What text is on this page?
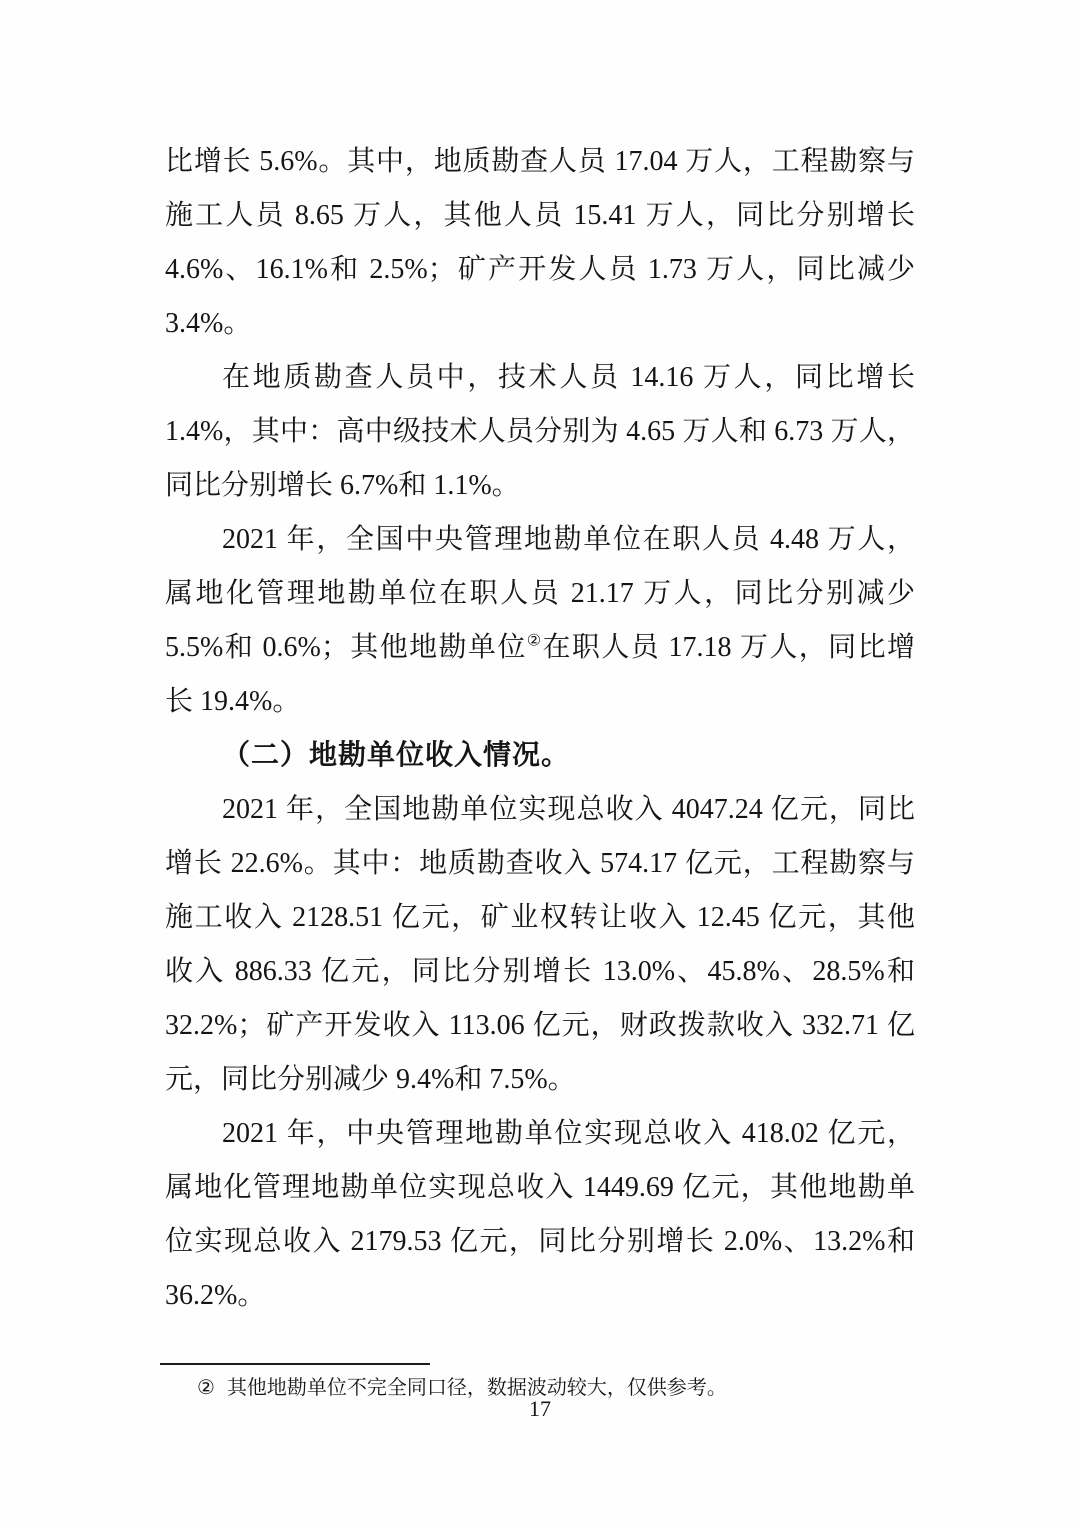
比增长 5.6%。其中，地质勘查人员 17.04 万人，工程勘察与

施工人员 8.65 万人，其他人员 15.41 万人，同比分别增长

4.6%、16.1%和 2.5%；矿产开发人员 1.73 万人，同比减少

3.4%。

在地质勘查人员中，技术人员 14.16 万人，同比增长

1.4%，其中：高中级技术人员分别为 4.65 万人和 6.73 万人，

同比分别增长 6.7%和 1.1%。

2021 年，全国中央管理地勘单位在职人员 4.48 万人，

属地化管理地勘单位在职人员 21.17 万人，同比分别减少

5.5%和 0.6%；其他地勘单位②在职人员 17.18 万人，同比增

长 19.4%。

（二）地勘单位收入情况。

2021 年，全国地勘单位实现总收入 4047.24 亿元，同比

增长 22.6%。其中：地质勘查收入 574.17 亿元，工程勘察与

施工收入 2128.51 亿元，矿业权转让收入 12.45 亿元，其他

收入 886.33 亿元，同比分别增长 13.0%、45.8%、28.5%和

32.2%；矿产开发收入 113.06 亿元，财政拨款收入 332.71 亿

元，同比分别减少 9.4%和 7.5%。

2021 年，中央管理地勘单位实现总收入 418.02 亿元，

属地化管理地勘单位实现总收入 1449.69 亿元，其他地勘单

位实现总收入 2179.53 亿元，同比分别增长 2.0%、13.2%和

36.2%。

② 其他地勘单位不完全同口径，数据波动较大，仅供参考。
17
